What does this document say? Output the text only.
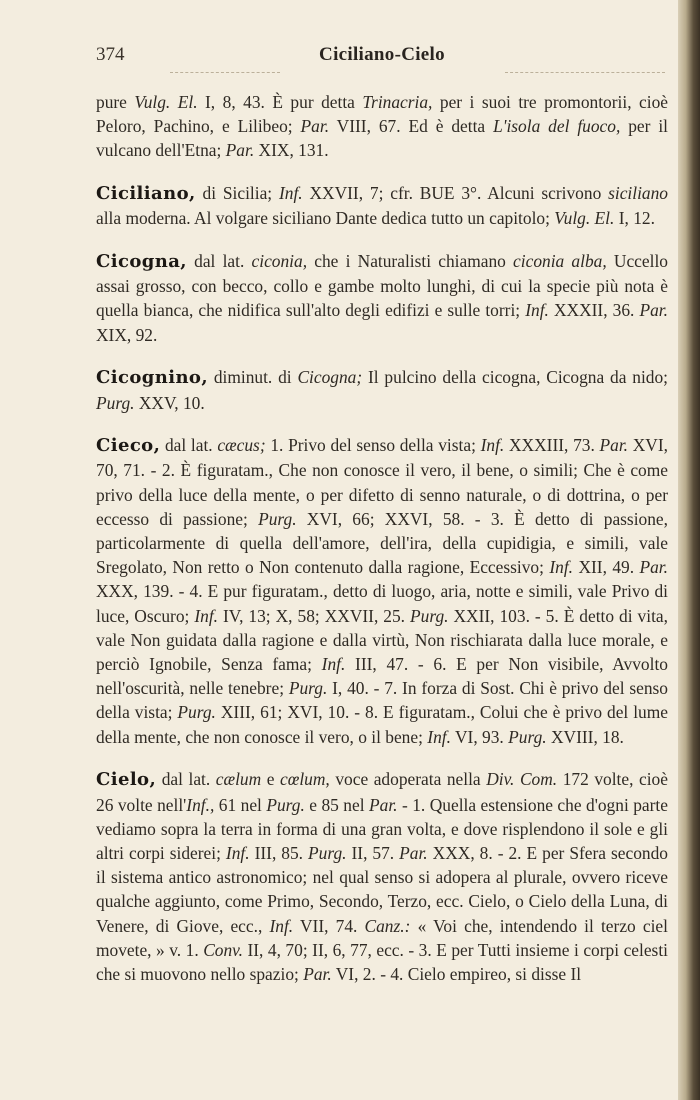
374	Ciciliano-Cielo

pure Vulg. El. I, 8, 43. È pur detta Trinacria, per i suoi tre promontorii, cioè Peloro, Pachino, e Lilibeo; Par. VIII, 67. Ed è detta L'isola del fuoco, per il vulcano dell'Etna; Par. XIX, 131.

Ciciliano, di Sicilia; Inf. XXVII, 7; cfr. BUE 3°. Alcuni scrivono siciliano alla moderna. Al volgare siciliano Dante dedica tutto un capitolo; Vulg. El. I, 12.

Cicogna, dal lat. ciconia, che i Naturalisti chiamano ciconia alba, Uccello assai grosso, con becco, collo e gambe molto lunghi, di cui la specie più nota è quella bianca, che nidifica sull'alto degli edifizi e sulle torri; Inf. XXXII, 36. Par. XIX, 92.

Cicognino, diminut. di Cicogna; Il pulcino della cicogna, Cicogna da nido; Purg. XXV, 10.

Cieco, dal lat. cæcus; 1. Privo del senso della vista; Inf. XXXIII, 73. Par. XVI, 70, 71. - 2. È figuratam., Che non conosce il vero, il bene, o simili; Che è come privo della luce della mente, o per difetto di senno naturale, o di dottrina, o per eccesso di passione; Purg. XVI, 66; XXVI, 58. - 3. È detto di passione, particolarmente di quella dell'amore, dell'ira, della cupidigia, e simili, vale Sregolato, Non retto o Non contenuto dalla ragione, Eccessivo; Inf. XII, 49. Par. XXX, 139. - 4. E pur figuratam., detto di luogo, aria, notte e simili, vale Privo di luce, Oscuro; Inf. IV, 13; X, 58; XXVII, 25. Purg. XXII, 103. - 5. È detto di vita, vale Non guidata dalla ragione e dalla virtù, Non rischiarata dalla luce morale, e perciò Ignobile, Senza fama; Inf. III, 47. - 6. E per Non visibile, Avvolto nell'oscurità, nelle tenebre; Purg. I, 40. - 7. In forza di Sost. Chi è privo del senso della vista; Purg. XIII, 61; XVI, 10. - 8. E figuratam., Colui che è privo del lume della mente, che non conosce il vero, o il bene; Inf. VI, 93. Purg. XVIII, 18.

Cielo, dal lat. cælum e cœlum, voce adoperata nella Div. Com. 172 volte, cioè 26 volte nell'Inf., 61 nel Purg. e 85 nel Par. - 1. Quella estensione che d'ogni parte vediamo sopra la terra in forma di una gran volta, e dove risplendono il sole e gli altri corpi siderei; Inf. III, 85. Purg. II, 57. Par. XXX, 8. - 2. E per Sfera secondo il sistema antico astronomico; nel qual senso si adopera al plurale, ovvero riceve qualche aggiunto, come Primo, Secondo, Terzo, ecc. Cielo, o Cielo della Luna, di Venere, di Giove, ecc., Inf. VII, 74. Canz.: « Voi che, intendendo il terzo ciel movete, » v. 1. Conv. II, 4, 70; II, 6, 77, ecc. - 3. E per Tutti insieme i corpi celesti che si muovono nello spazio; Par. VI, 2. - 4. Cielo empireo, si disse Il
